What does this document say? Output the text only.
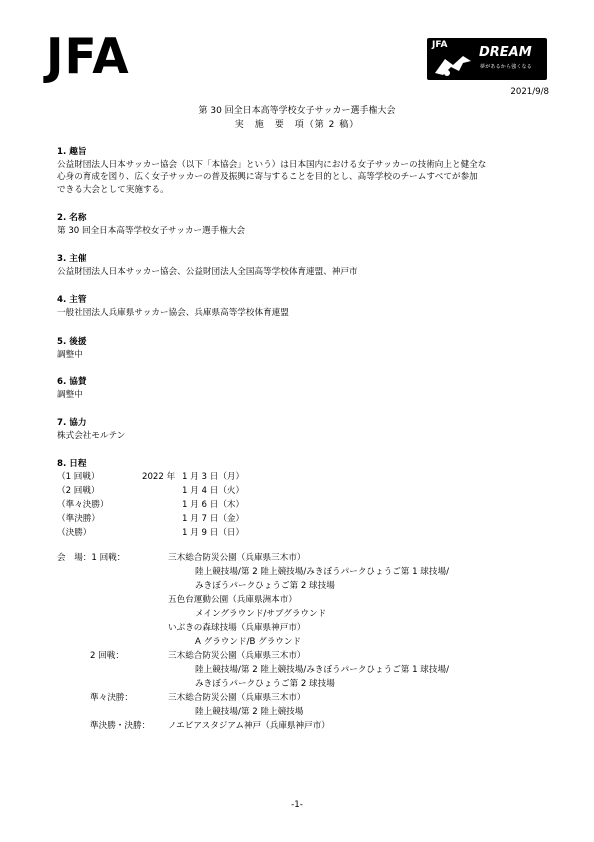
JFA	JFA DREAM
夢があるから強くなる
2021/9/8
第 30 回全日本高等学校女子サッカー選手権大会
実　施　要　項（第 2 稿）
1. 趣旨
公益財団法人日本サッカー協会（以下「本協会」という）は日本国内における女子サッカーの技術向上と健全な
心身の育成を図り、広く女子サッカーの普及振興に寄与することを目的とし、高等学校のチームすべてが参加
できる大会として実施する。
2. 名称
第 30 回全日本高等学校女子サッカー選手権大会
3. 主催
公益財団法人日本サッカー協会、公益財団法人全国高等学校体育連盟、神戸市
4. 主管
一般社団法人兵庫県サッカー協会、兵庫県高等学校体育連盟
5. 後援
調整中
6. 協賛
調整中
7. 協力
株式会社モルテン
8. 日程
（1 回戦）	2022 年 1 月 3 日（月）
（2 回戦）	1 月 4 日（火）
（準々決勝）	1 月 6 日（木）
（準決勝）	1 月 7 日（金）
（決勝）	1 月 9 日（日）
会　場：1 回戦：	三木総合防災公園（兵庫県三木市）
陸上競技場/第 2 陸上競技場/みきぼうパークひょうご第 1 球技場/
みきぼうパークひょうご第 2 球技場
五色台運動公園（兵庫県洲本市）
メイングラウンド/サブグラウンド
いぶきの森球技場（兵庫県神戸市）
A グラウンド/B グラウンド
2 回戦：	三木総合防災公園（兵庫県三木市）
陸上競技場/第 2 陸上競技場/みきぼうパークひょうご第 1 球技場/
みきぼうパークひょうご第 2 球技場
準々決勝：	三木総合防災公園（兵庫県三木市）
陸上競技場/第 2 陸上競技場
準決勝・決勝： ノエビアスタジアム神戸（兵庫県神戸市）
-1-
